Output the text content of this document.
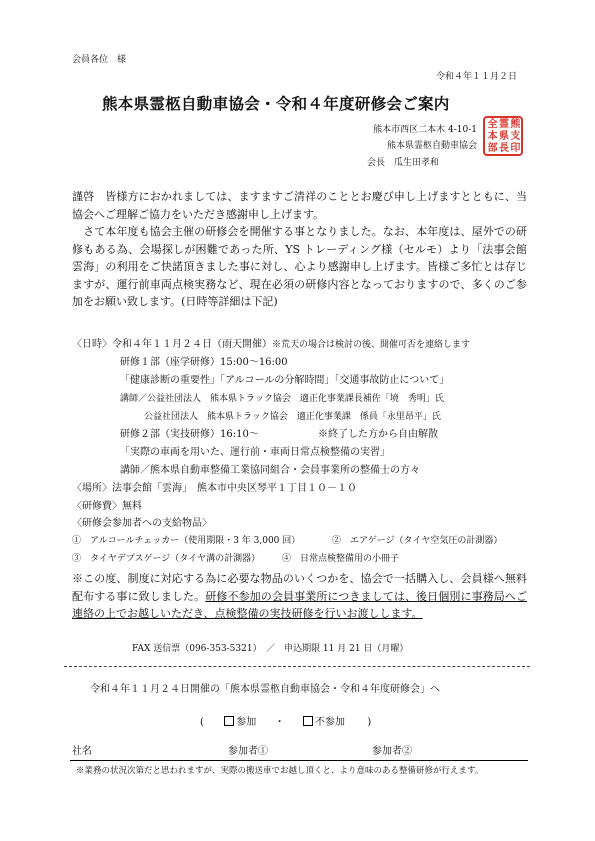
会員各位　様
令和４年１１月２日
熊本県霊柩自動車協会・令和４年度研修会ご案内
熊本市西区二本木 4-10-1
熊本県霊柩自動車協会
会長　瓜生田孝和
全 霊 熊
本 県 支
部 長 印

謹啓　皆様方におかれましては、ますますご清祥のこととお慶び申し上げますとともに、当協会へご理解ご協力をいただき感謝申し上げます。

　さて本年度も協会主催の研修会を開催する事となりました。なお、本年度は、屋外での研修もある為、会場探しが困難であった所、YS トレーディング様（セルモ）より「法事会館　雲海」の利用をご快諾頂きました事に対し、心より感謝申し上げます。皆様ご多忙とは存じますが、運行前車両点検実務など、現在必須の研修内容となっておりますので、多くのご参加をお願い致します。(日時等詳細は下記)

〈日時〉令和４年１１月２４日（雨天開催）※荒天の場合は検討の後、開催可否を連絡します
研修１部（座学研修）15:00～16:00
「健康診断の重要性」「アルコールの分解時間」「交通事故防止について」
講師／公益社団法人　熊本県トラック協会　適正化事業課長補佐「境　秀明」氏
公益社団法人　熊本県トラック協会　適正化事業課　係員「永里昂平」氏
研修２部（実技研修）16:10～	※終了した方から自由解散
「実際の車両を用いた、運行前・車両日常点検整備の実習」
講師／熊本県自動車整備工業協同組合・会員事業所の整備士の方々
〈場所〉法事会館「雲海」　熊本市中央区琴平１丁目１０－１０
〈研修費〉無料
〈研修会参加者への支給物品〉
①　アルコールチェッカー（使用期限・3 年 3,000 回）	②　エアゲージ（タイヤ空気圧の計測器）
③　タイヤデプスゲージ（タイヤ溝の計測器） ④　日常点検整備用の小冊子
※この度、制度に対応する為に必要な物品のいくつかを、協会で一括購入し、会員様へ無料配布する事に致しました。研修不参加の会員事業所につきましては、後日個別に事務局へご連絡の上でお越しいただき、点検整備の実技研修を行いお渡しします。
FAX 送信票（096-353-5321）　／　申込期限 11 月 21 日（月曜）
令和４年１１月２４日開催の「熊本県霊柩自動車協会・令和４年度研修会」へ
(	参加 ・	不参加 )
社名	参加者①	参加者②
※業務の状況次第だと思われますが、実際の搬送車でお越し頂くと、より意味のある整備研修が行えます。
